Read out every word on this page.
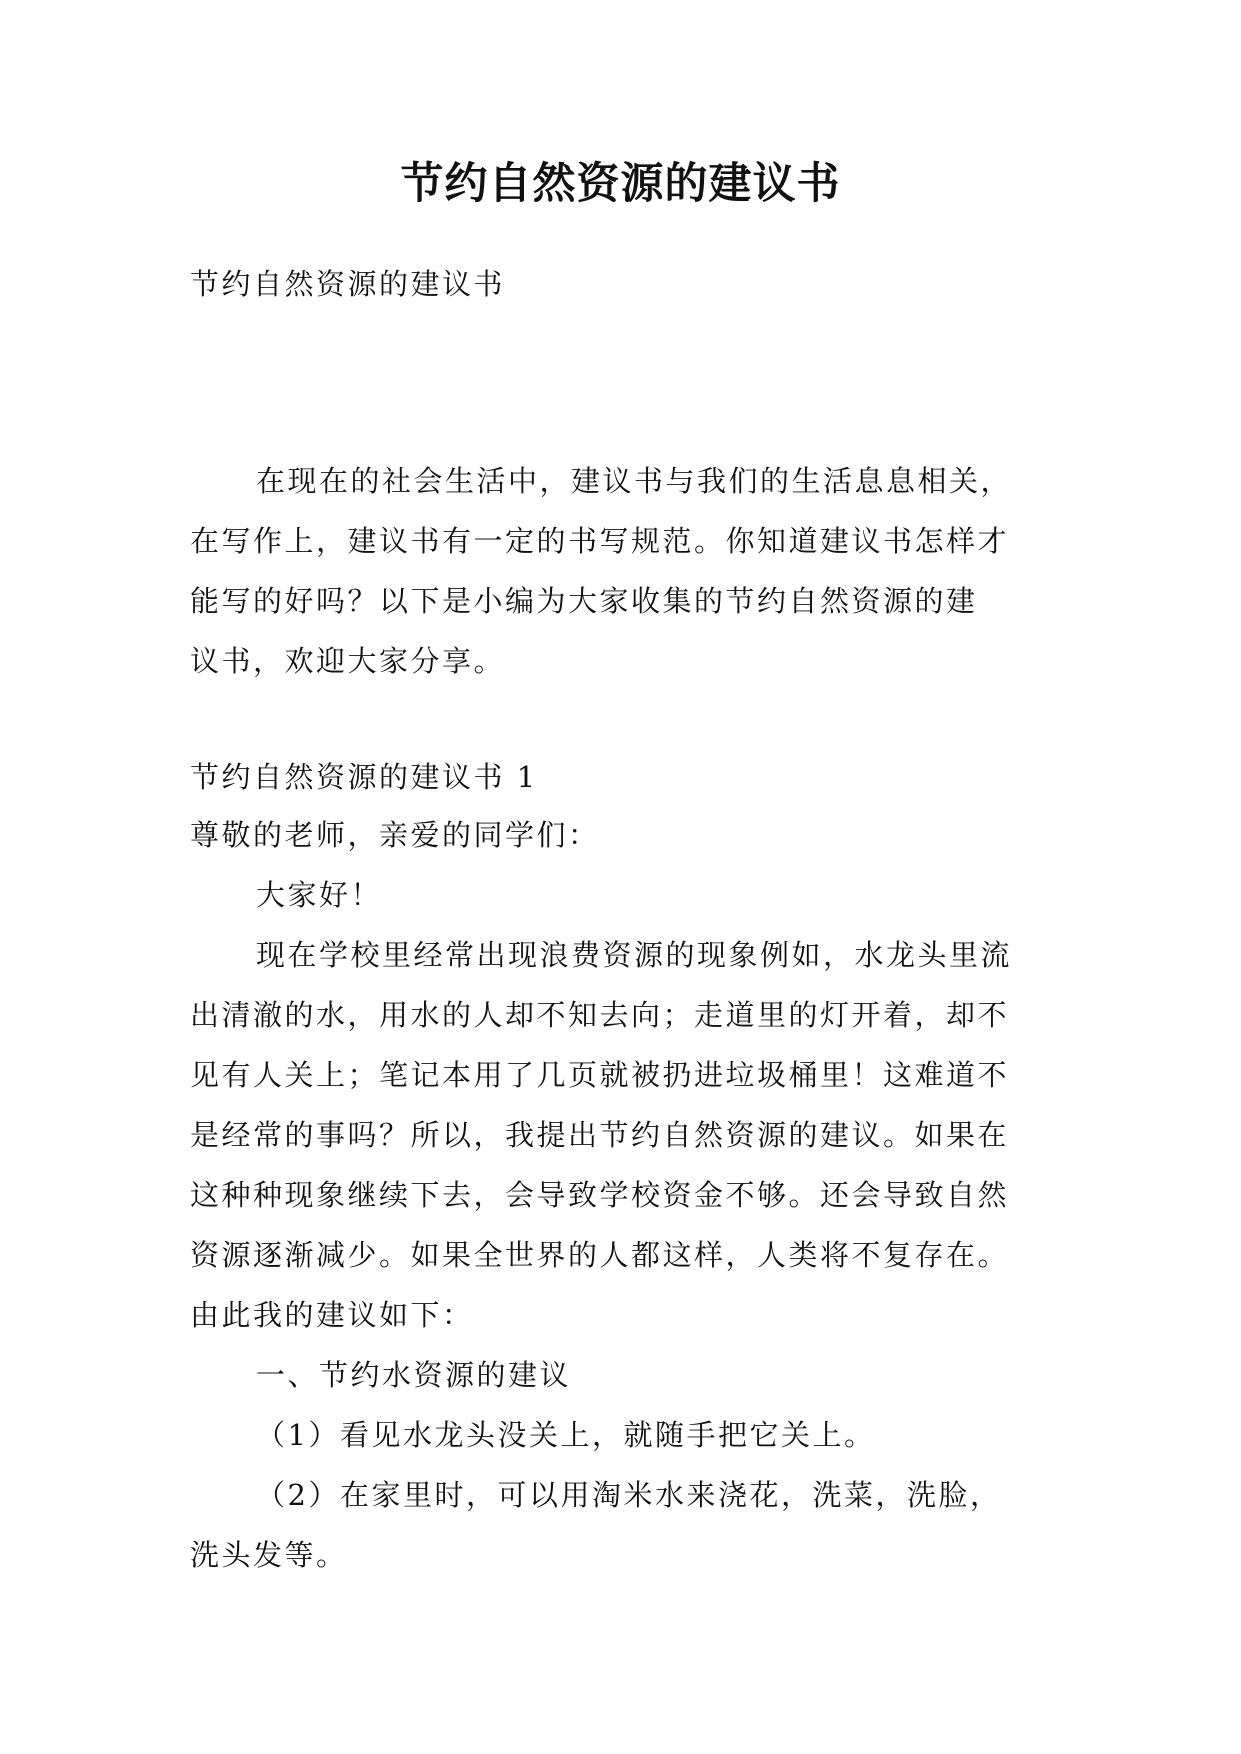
节约自然资源的建议书
节约自然资源的建议书
在现在的社会生活中，建议书与我们的生活息息相关，
在写作上，建议书有一定的书写规范。你知道建议书怎样才
能写的好吗？以下是小编为大家收集的节约自然资源的建
议书，欢迎大家分享。
节约自然资源的建议书 1
尊敬的老师，亲爱的同学们：
大家好！
现在学校里经常出现浪费资源的现象例如，水龙头里流
出清澈的水，用水的人却不知去向；走道里的灯开着，却不
见有人关上；笔记本用了几页就被扔进垃圾桶里！这难道不
是经常的事吗？所以，我提出节约自然资源的建议。如果在
这种种现象继续下去，会导致学校资金不够。还会导致自然
资源逐渐减少。如果全世界的人都这样，人类将不复存在。
由此我的建议如下：
一、节约水资源的建议
（1）看见水龙头没关上，就随手把它关上。
（2）在家里时，可以用淘米水来浇花，洗菜，洗脸，
洗头发等。
